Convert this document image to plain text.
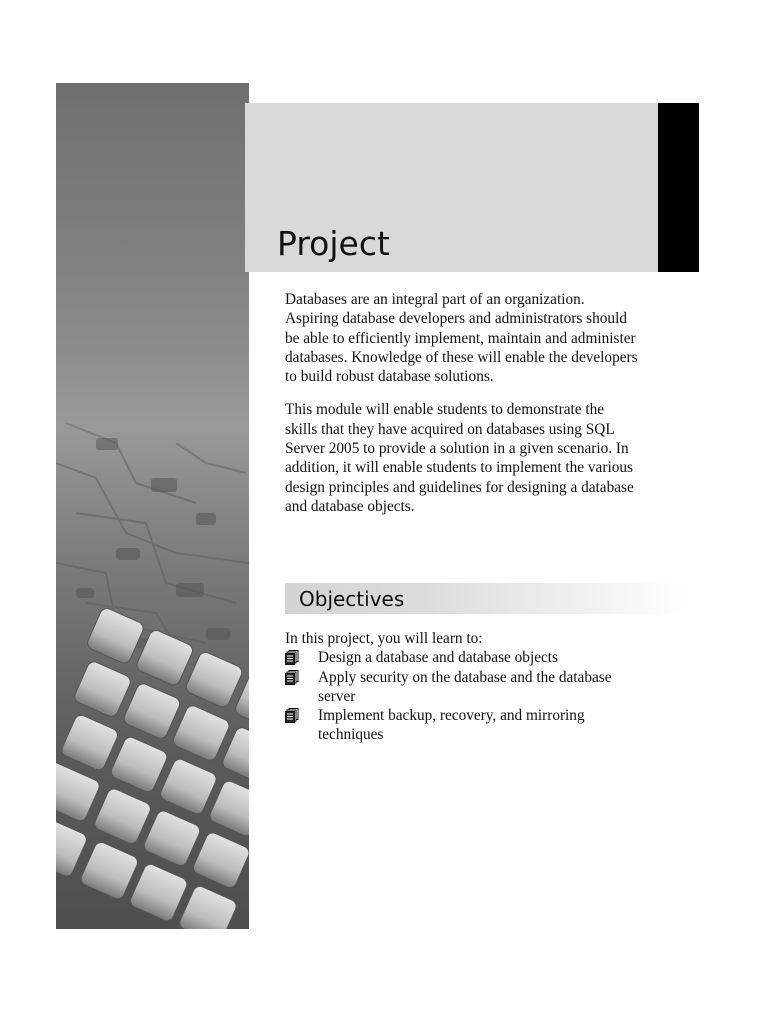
Project

Databases are an integral part of an organization. Aspiring database developers and administrators should be able to efficiently implement, maintain and administer databases. Knowledge of these will enable the developers to build robust database solutions.

This module will enable students to demonstrate the skills that they have acquired on databases using SQL Server 2005 to provide a solution in a given scenario. In addition, it will enable students to implement the various design principles and guidelines for designing a database and database objects.

Objectives

In this project, you will learn to:

Design a database and database objects
Apply security on the database and the database server
Implement backup, recovery, and mirroring techniques
